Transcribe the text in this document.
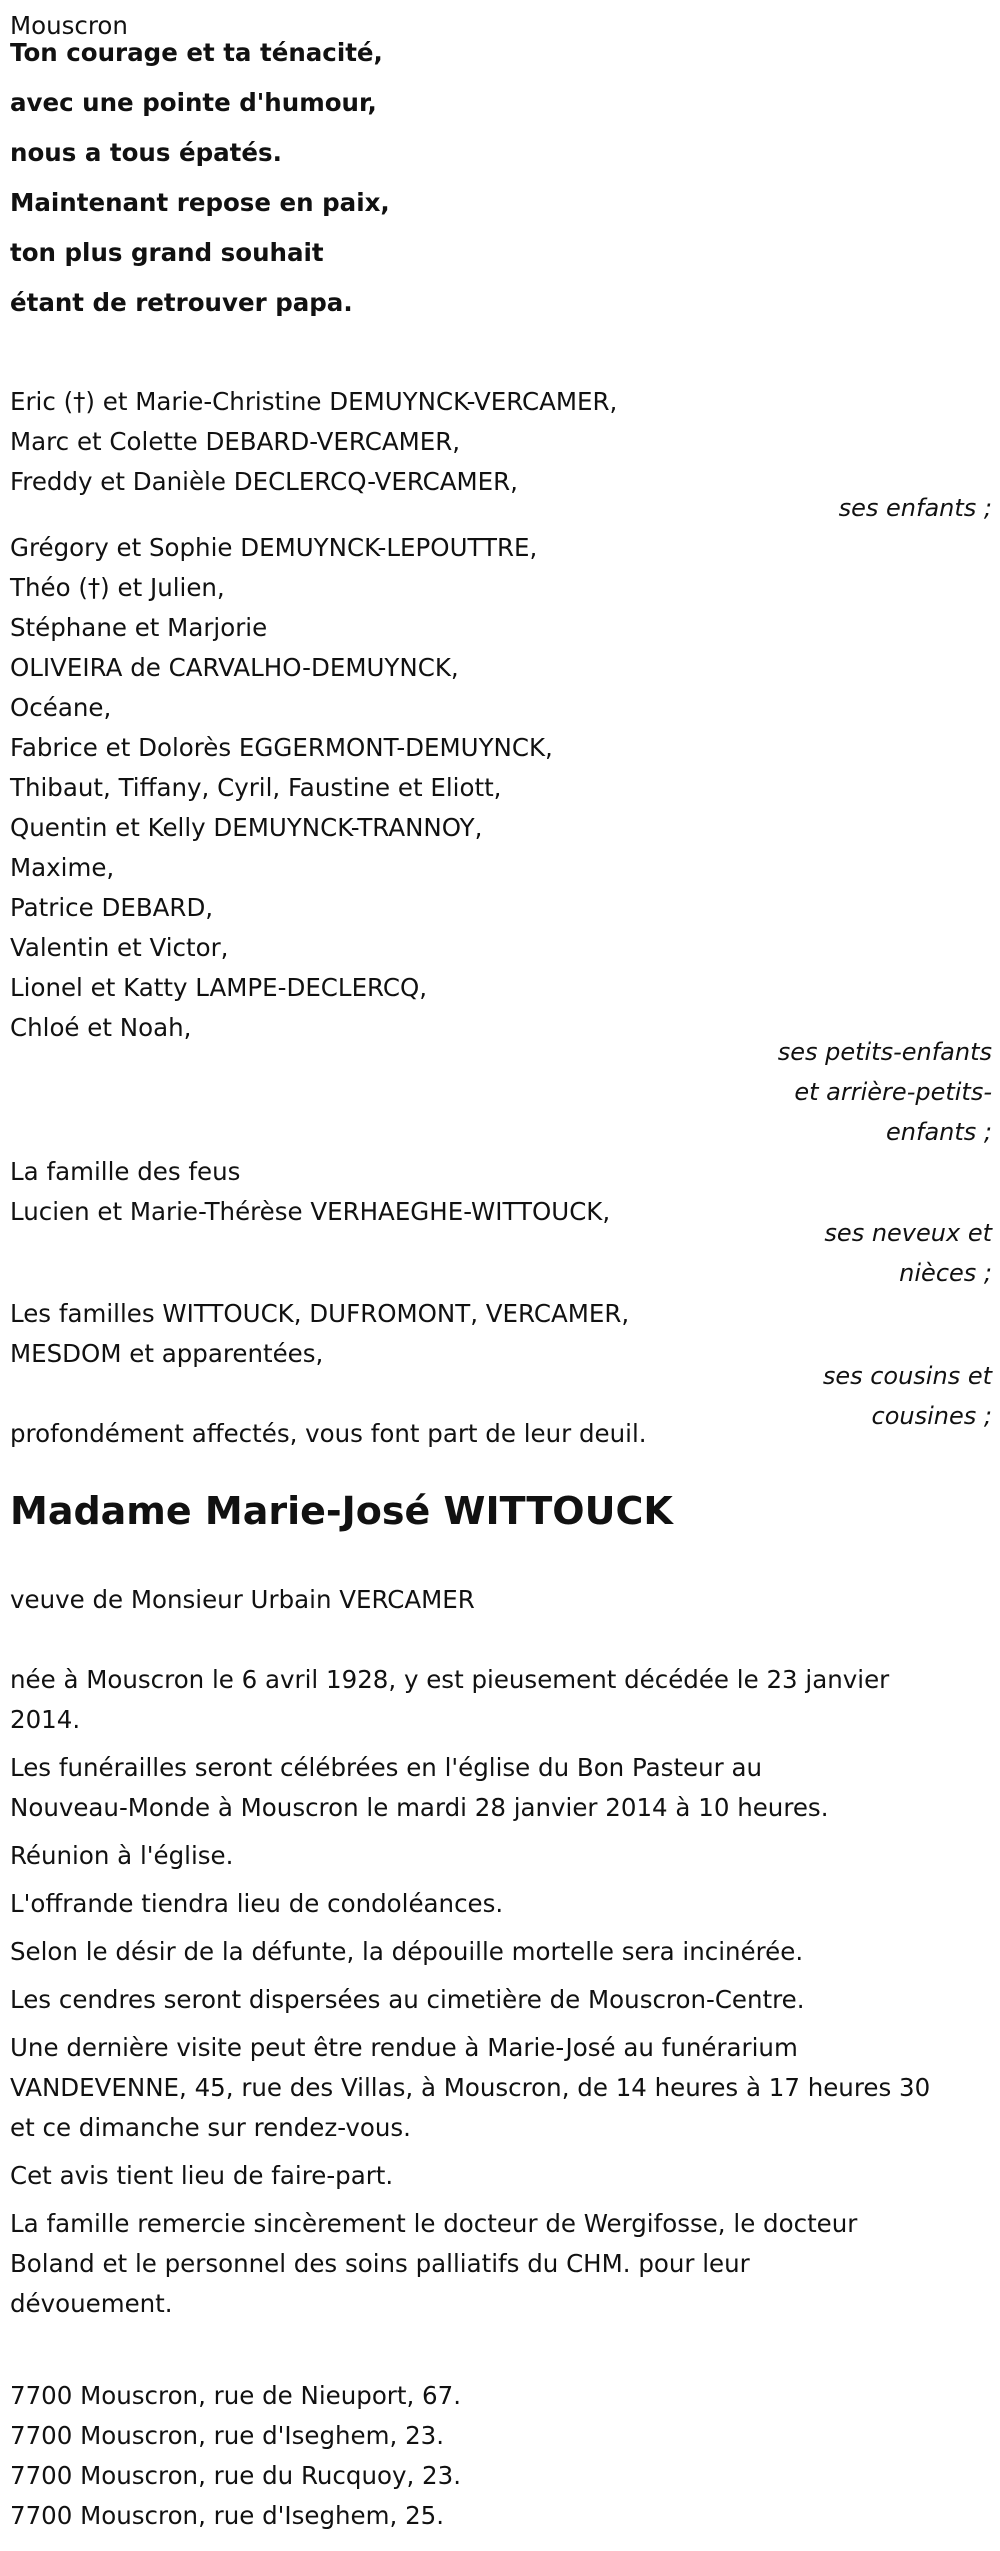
Mouscron
Ton courage et ta ténacité,
avec une pointe d'humour,
nous a tous épatés.
Maintenant repose en paix,
ton plus grand souhait
étant de retrouver papa.
Eric (†) et Marie-Christine DEMUYNCK-VERCAMER,
Marc et Colette DEBARD-VERCAMER,
Freddy et Danièle DECLERCQ-VERCAMER,
ses enfants ;
Grégory et Sophie DEMUYNCK-LEPOUTTRE,
Théo (†) et Julien,
Stéphane et Marjorie
OLIVEIRA de CARVALHO-DEMUYNCK,
Océane,
Fabrice et Dolorès EGGERMONT-DEMUYNCK,
Thibaut, Tiffany, Cyril, Faustine et Eliott,
Quentin et Kelly DEMUYNCK-TRANNOY,
Maxime,
Patrice DEBARD,
Valentin et Victor,
Lionel et Katty LAMPE-DECLERCQ,
Chloé et Noah,
ses petits-enfants
et arrière-petits-
enfants ;
La famille des feus
Lucien et Marie-Thérèse VERHAEGHE-WITTOUCK,
ses neveux et
nièces ;
Les familles WITTOUCK, DUFROMONT, VERCAMER,
MESDOM et apparentées,
ses cousins et
cousines ;
profondément affectés, vous font part de leur deuil.
Madame Marie-José WITTOUCK
veuve de Monsieur Urbain VERCAMER
née à Mouscron le 6 avril 1928, y est pieusement décédée le 23 janvier
2014.
Les funérailles seront célébrées en l'église du Bon Pasteur au
Nouveau-Monde à Mouscron le mardi 28 janvier 2014 à 10 heures.
Réunion à l'église.
L'offrande tiendra lieu de condoléances.
Selon le désir de la défunte, la dépouille mortelle sera incinérée.
Les cendres seront dispersées au cimetière de Mouscron-Centre.
Une dernière visite peut être rendue à Marie-José au funérarium
VANDEVENNE, 45, rue des Villas, à Mouscron, de 14 heures à 17 heures 30
et ce dimanche sur rendez-vous.
Cet avis tient lieu de faire-part.
La famille remercie sincèrement le docteur de Wergifosse, le docteur
Boland et le personnel des soins palliatifs du CHM. pour leur
dévouement.
7700 Mouscron, rue de Nieuport, 67.
7700 Mouscron, rue d'Iseghem, 23.
7700 Mouscron, rue du Rucquoy, 23.
7700 Mouscron, rue d'Iseghem, 25.
